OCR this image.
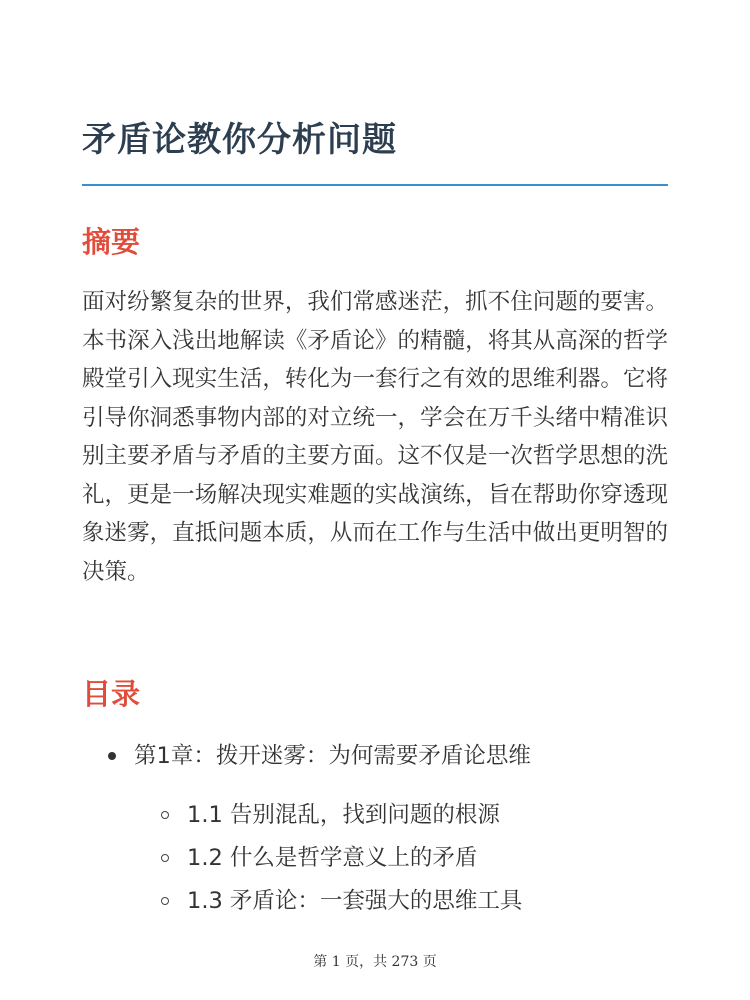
矛盾论教你分析问题
摘要

面对纷繁复杂的世界，我们常感迷茫，抓不住问题的要害。本书深入浅出地解读《矛盾论》的精髓，将其从高深的哲学殿堂引入现实生活，转化为一套行之有效的思维利器。它将引导你洞悉事物内部的对立统一，学会在万千头绪中精准识别主要矛盾与矛盾的主要方面。这不仅是一次哲学思想的洗礼，更是一场解决现实难题的实战演练，旨在帮助你穿透现象迷雾，直抵问题本质，从而在工作与生活中做出更明智的决策。

目录
第1章：拨开迷雾：为何需要矛盾论思维
1.1 告别混乱，找到问题的根源
1.2 什么是哲学意义上的矛盾
1.3 矛盾论：一套强大的思维工具
第 1 页，共 273 页
